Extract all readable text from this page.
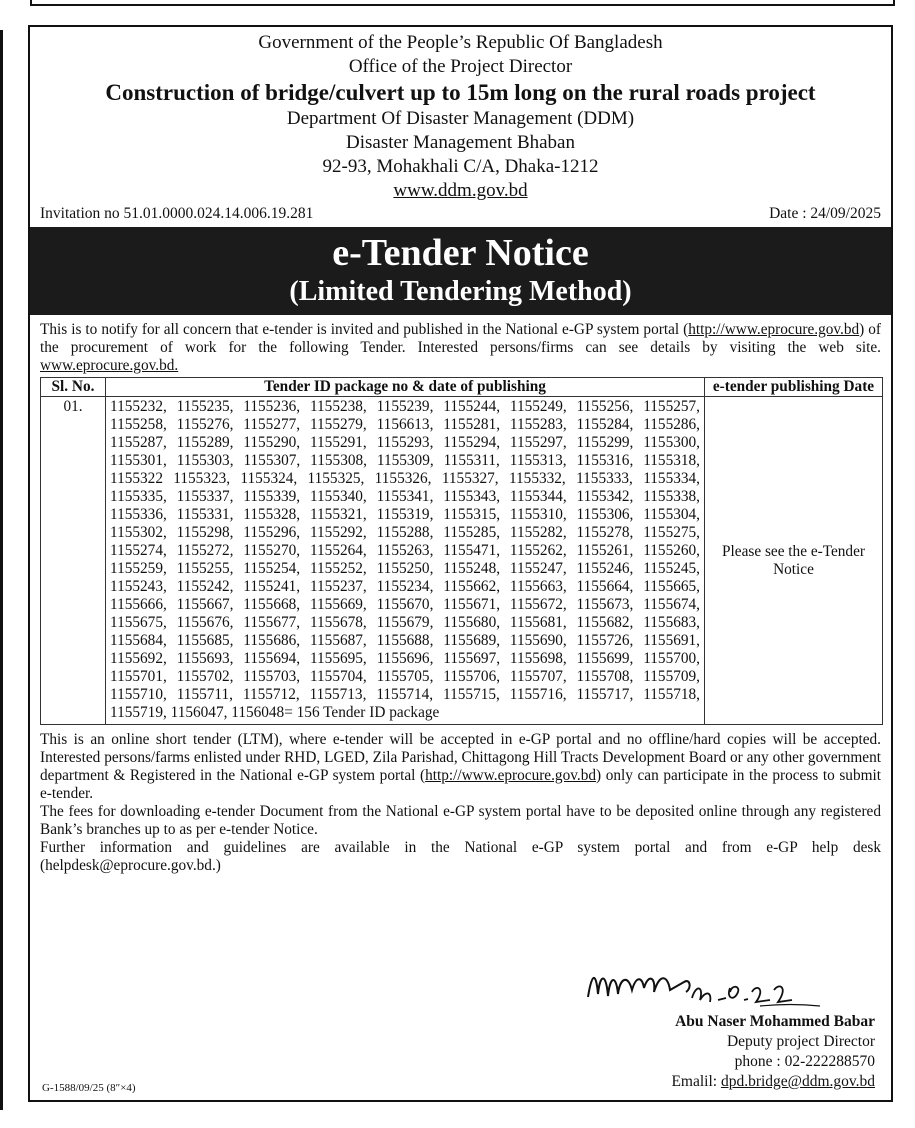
Government of the People’s Republic Of Bangladesh
Office of the Project Director
Construction of bridge/culvert up to 15m long on the rural roads project
Department Of Disaster Management (DDM)
Disaster Management Bhaban
92-93, Mohakhali C/A, Dhaka-1212
www.ddm.gov.bd
Invitation no 51.01.0000.024.14.006.19.281	Date : 24/09/2025
e-Tender Notice
(Limited Tendering Method)
This is to notify for all concern that e-tender is invited and published in the National e-GP system portal (http://www.eprocure.gov.bd) of the procurement of work for the following Tender. Interested persons/firms can see details by visiting the web site. www.eprocure.gov.bd.
Sl. No.	Tender ID package no & date of publishing	e-tender publishing Date
01.	1155232, 1155235, 1155236, 1155238, 1155239, 1155244, 1155249, 1155256, 1155257, 1155258, 1155276, 1155277, 1155279, 1156613, 1155281, 1155283, 1155284, 1155286, 1155287, 1155289, 1155290, 1155291, 1155293, 1155294, 1155297, 1155299, 1155300, 1155301, 1155303, 1155307, 1155308, 1155309, 1155311, 1155313, 1155316, 1155318, 1155322 1155323, 1155324, 1155325, 1155326, 1155327, 1155332, 1155333, 1155334, 1155335, 1155337, 1155339, 1155340, 1155341, 1155343, 1155344, 1155342, 1155338, 1155336, 1155331, 1155328, 1155321, 1155319, 1155315, 1155310, 1155306, 1155304, 1155302, 1155298, 1155296, 1155292, 1155288, 1155285, 1155282, 1155278, 1155275, 1155274, 1155272, 1155270, 1155264, 1155263, 1155471, 1155262, 1155261, 1155260, 1155259, 1155255, 1155254, 1155252, 1155250, 1155248, 1155247, 1155246, 1155245, 1155243, 1155242, 1155241, 1155237, 1155234, 1155662, 1155663, 1155664, 1155665, 1155666, 1155667, 1155668, 1155669, 1155670, 1155671, 1155672, 1155673, 1155674, 1155675, 1155676, 1155677, 1155678, 1155679, 1155680, 1155681, 1155682, 1155683, 1155684, 1155685, 1155686, 1155687, 1155688, 1155689, 1155690, 1155726, 1155691, 1155692, 1155693, 1155694, 1155695, 1155696, 1155697, 1155698, 1155699, 1155700, 1155701, 1155702, 1155703, 1155704, 1155705, 1155706, 1155707, 1155708, 1155709, 1155710, 1155711, 1155712, 1155713, 1155714, 1155715, 1155716, 1155717, 1155718, 1155719, 1156047, 1156048= 156 Tender ID package	Please see the e-Tender Notice
This is an online short tender (LTM), where e-tender will be accepted in e-GP portal and no offline/hard copies will be accepted. Interested persons/farms enlisted under RHD, LGED, Zila Parishad, Chittagong Hill Tracts Development Board or any other government department & Registered in the National e-GP system portal (http://www.eprocure.gov.bd) only can participate in the process to submit e-tender.
The fees for downloading e-tender Document from the National e-GP system portal have to be deposited online through any registered Bank’s branches up to as per e-tender Notice.
Further information and guidelines are available in the National e-GP system portal and from e-GP help desk (helpdesk@eprocure.gov.bd.)
G-1588/09/25 (8″×4)
Abu Naser Mohammed Babar
Deputy project Director
phone : 02-222288570
Emalil: dpd.bridge@ddm.gov.bd
